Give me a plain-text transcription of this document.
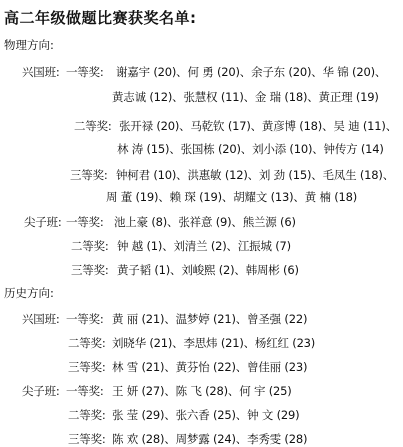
高二年级做题比赛获奖名单:
物理方向:
兴国班: 一等奖: 谢嘉宇 (20)、何 勇 (20)、余子东 (20)、华 锦 (20)、
黄志诚 (12)、张慧权 (11)、金 瑞 (18)、黄正理 (19)
二等奖: 张开禄 (20)、马乾钦 (17)、黄彦博 (18)、吴 迪 (11)、
林 涛 (15)、张国栋 (20)、刘小添 (10)、钟传方 (14)
三等奖: 钟柯君 (10)、洪惠敏 (12)、刘 劲 (15)、毛凤生 (18)、
周 董 (19)、赖 琛 (19)、胡耀文 (13)、黄 楠 (18)
尖子班: 一等奖: 池上豪 (8)、张祥意 (9)、熊兰源 (6)
二等奖: 钟 越 (1)、刘清兰 (2)、江振城 (7)
三等奖: 黄子韬 (1)、刘峻熙 (2)、韩周彬 (6)
历史方向:
兴国班: 一等奖: 黄 丽 (21)、温梦婷 (21)、曾圣强 (22)
二等奖: 刘晓华 (21)、李思炜 (21)、杨红红 (23)
三等奖: 林 雪 (21)、黄芬怡 (22)、曾佳丽 (23)
尖子班: 一等奖: 王 妍 (27)、陈 飞 (28)、何 宇 (25)
二等奖: 张 莹 (29)、张六香 (25)、钟 文 (29)
三等奖: 陈 欢 (28)、周梦露 (24)、李秀雯 (28)
